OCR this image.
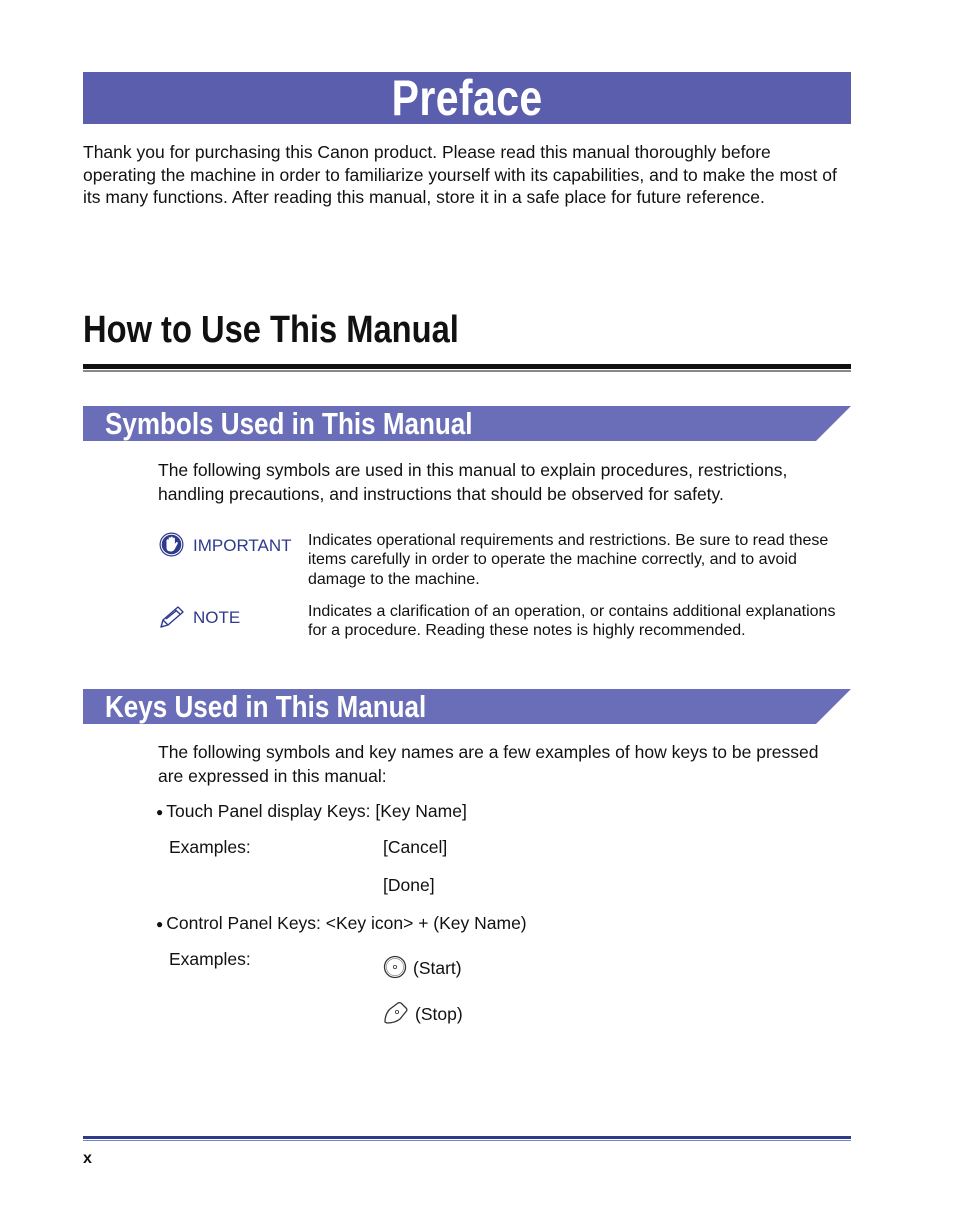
Preface

Thank you for purchasing this Canon product. Please read this manual thoroughly before operating the machine in order to familiarize yourself with its capabilities, and to make the most of its many functions. After reading this manual, store it in a safe place for future reference.

How to Use This Manual
Symbols Used in This Manual

The following symbols are used in this manual to explain procedures, restrictions, handling precautions, and instructions that should be observed for safety.

IMPORTANT Indicates operational requirements and restrictions. Be sure to read these items carefully in order to operate the machine correctly, and to avoid damage to the machine.

NOTE	Indicates a clarification of an operation, or contains additional explanations for a procedure. Reading these notes is highly recommended.

Keys Used in This Manual

The following symbols and key names are a few examples of how keys to be pressed are expressed in this manual:

● Touch Panel display Keys: [Key Name]
Examples:	[Cancel]
[Done]
● Control Panel Keys: <Key icon> + (Key Name)
Examples:	(Start)
(Stop)
x
